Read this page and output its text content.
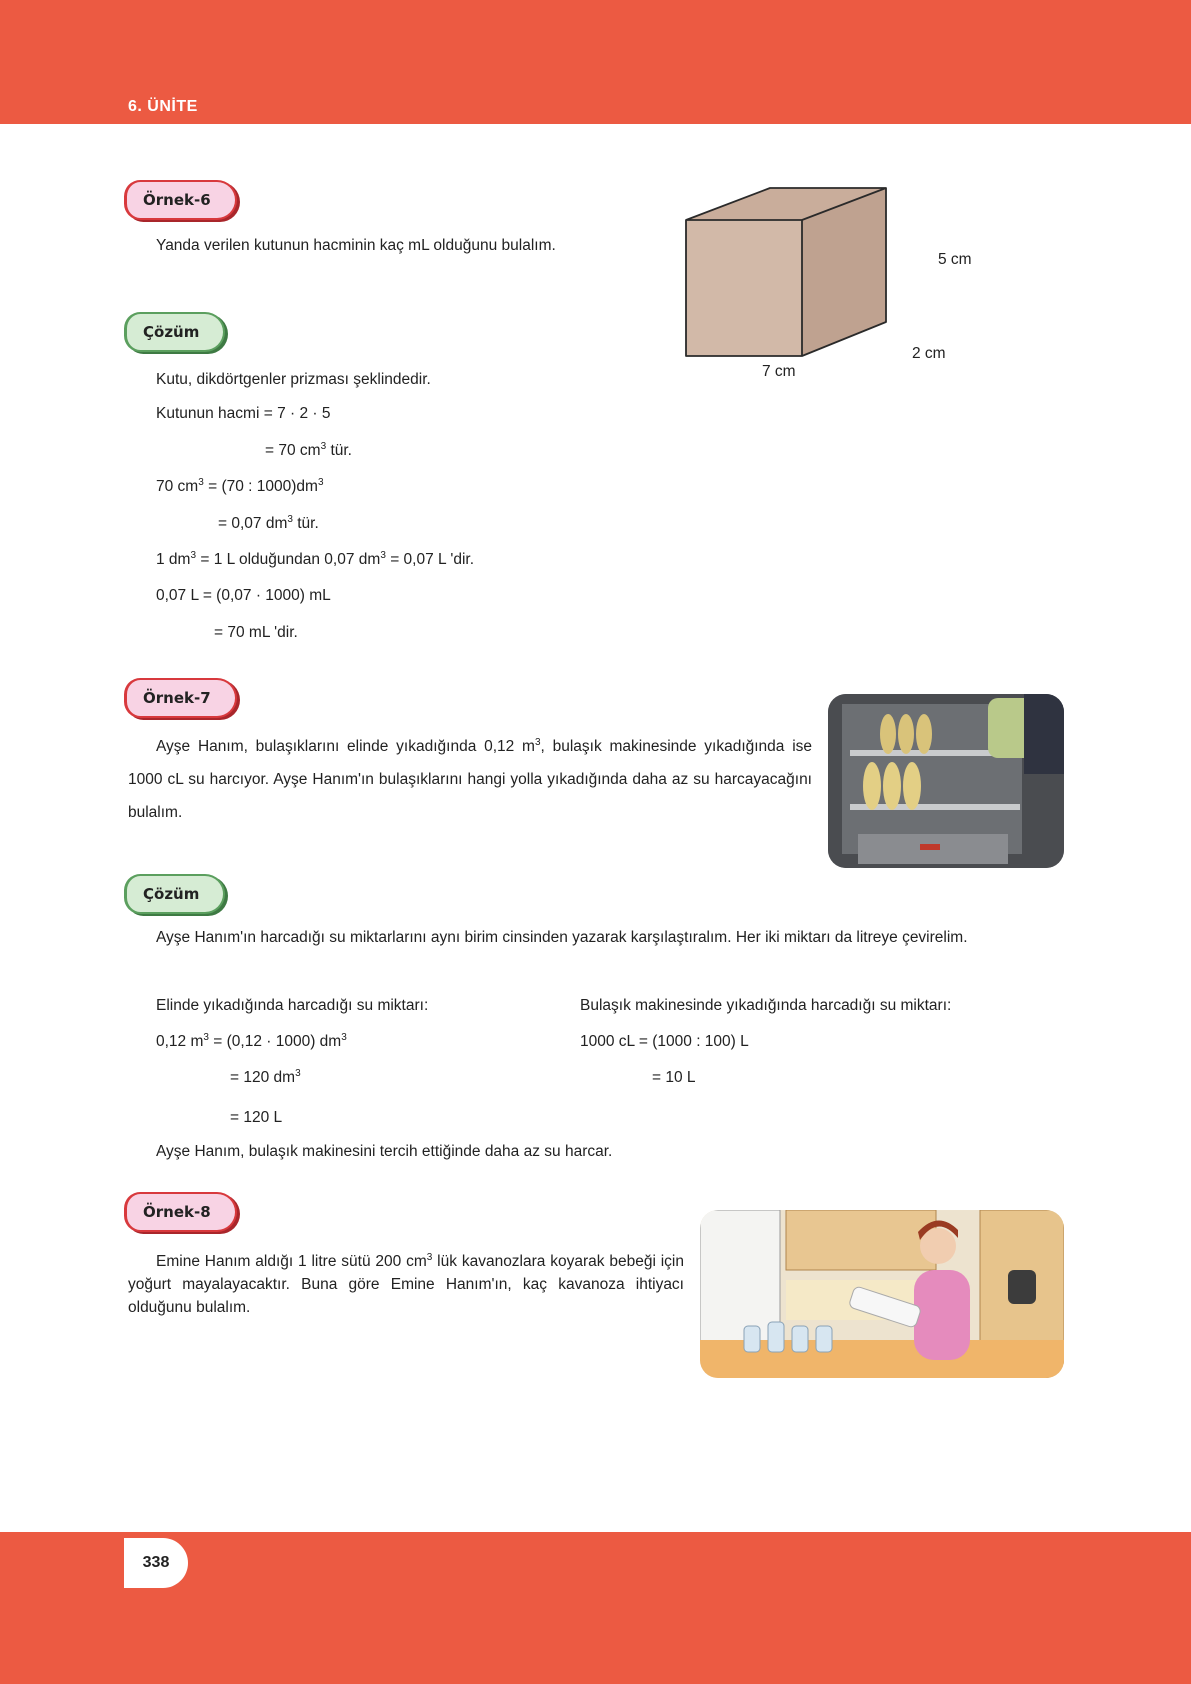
6. ÜNİTE
Örnek-6
Yanda verilen kutunun hacminin kaç mL olduğunu bulalım.
5 cm
7 cm
2 cm
Çözüm
Kutu, dikdörtgenler prizması şeklindedir.
Kutunun hacmi = 7 · 2 · 5
= 70 $cm^3$ tür.
70 $cm^3 = (70$ : $1000)dm^3$
= 0,07 $dm^3$ tür.
1 $dm^3 = 1$ L olduğundan 0,07 $dm^3 = 0,07$ L 'dir.
0,07 L = (0,07 · 1000) mL
= 70 mL 'dir.
Örnek-7
Ayşe Hanım, bulaşıklarını elinde yıkadığında 0,12 $m^3$, bulaşık makinesinde yıkadığında ise 1000 cL su harcıyor. Ayşe Hanım'ın bulaşıklarını hangi yolla yıkadığında daha az su harcayacağını bulalım.
Çözüm
Ayşe Hanım'ın harcadığı su miktarlarını aynı birim cinsinden yazarak karşılaştıralım. Her iki miktarı da litreye çevirelim.
Elinde yıkadığında harcadığı su miktarı:
0,12 $m^3 = (0,12 \cdot 1000)$ $dm^3$
= 120 $dm^3$
= 120 L
Bulaşık makinesinde yıkadığında harcadığı su miktarı:
1000 cL = (1000 : 100) L
= 10 L
Ayşe Hanım, bulaşık makinesini tercih ettiğinde daha az su harcar.
Örnek-8
Emine Hanım aldığı 1 litre sütü 200 $cm^3$ lük kavanozlara koyarak bebeği için yoğurt mayalayacaktır. Buna göre Emine Hanım'ın, kaç kavanoza ihtiyacı olduğunu bulalım.
338
